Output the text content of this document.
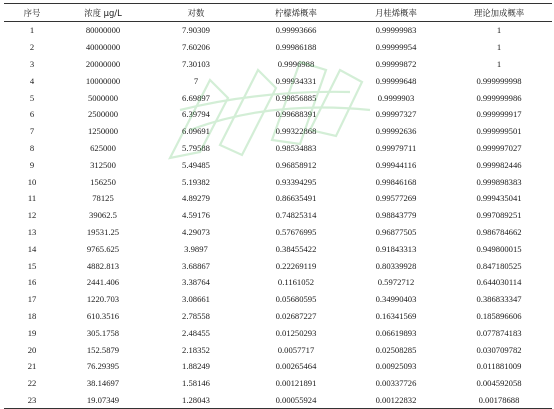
序号	浓度 μg/L	对数	柠檬烯概率	月桂烯概率	理论加成概率
1	80000000	7.90309	0.99993666	0.99999983	1
2	40000000	7.60206	0.99986188	0.99999954	1
3	20000000	7.30103	0.9996988	0.99999872	1
4	10000000	7	0.99934331	0.99999648	0.999999998
5	5000000	6.69897	0.99856885	0.9999903	0.999999986
6	2500000	6.39794	0.99688391	0.99997327	0.999999917
7	1250000	6.09691	0.99322868	0.99992636	0.999999501
8	625000	5.79588	0.98534883	0.99979711	0.999997027
9	312500	5.49485	0.96858912	0.99944116	0.999982446
10	156250	5.19382	0.93394295	0.99846168	0.999898383
11	78125	4.89279	0.86635491	0.99577269	0.999435041
12	39062.5	4.59176	0.74825314	0.98843779	0.997089251
13	19531.25	4.29073	0.57676995	0.96877505	0.986784662
14	9765.625	3.9897	0.38455422	0.91843313	0.949800015
15	4882.813	3.68867	0.22269119	0.80339928	0.847180525
16	2441.406	3.38764	0.1161052	0.5972712	0.644030114
17	1220.703	3.08661	0.05680595	0.34990403	0.386833347
18	610.3516	2.78558	0.02687227	0.16341569	0.185896606
19	305.1758	2.48455	0.01250293	0.06619893	0.077874183
20	152.5879	2.18352	0.0057717	0.02508285	0.030709782
21	76.29395	1.88249	0.00265464	0.00925093	0.011881009
22	38.14697	1.58146	0.00121891	0.00337726	0.004592058
23	19.07349	1.28043	0.00055924	0.00122832	0.00178688
